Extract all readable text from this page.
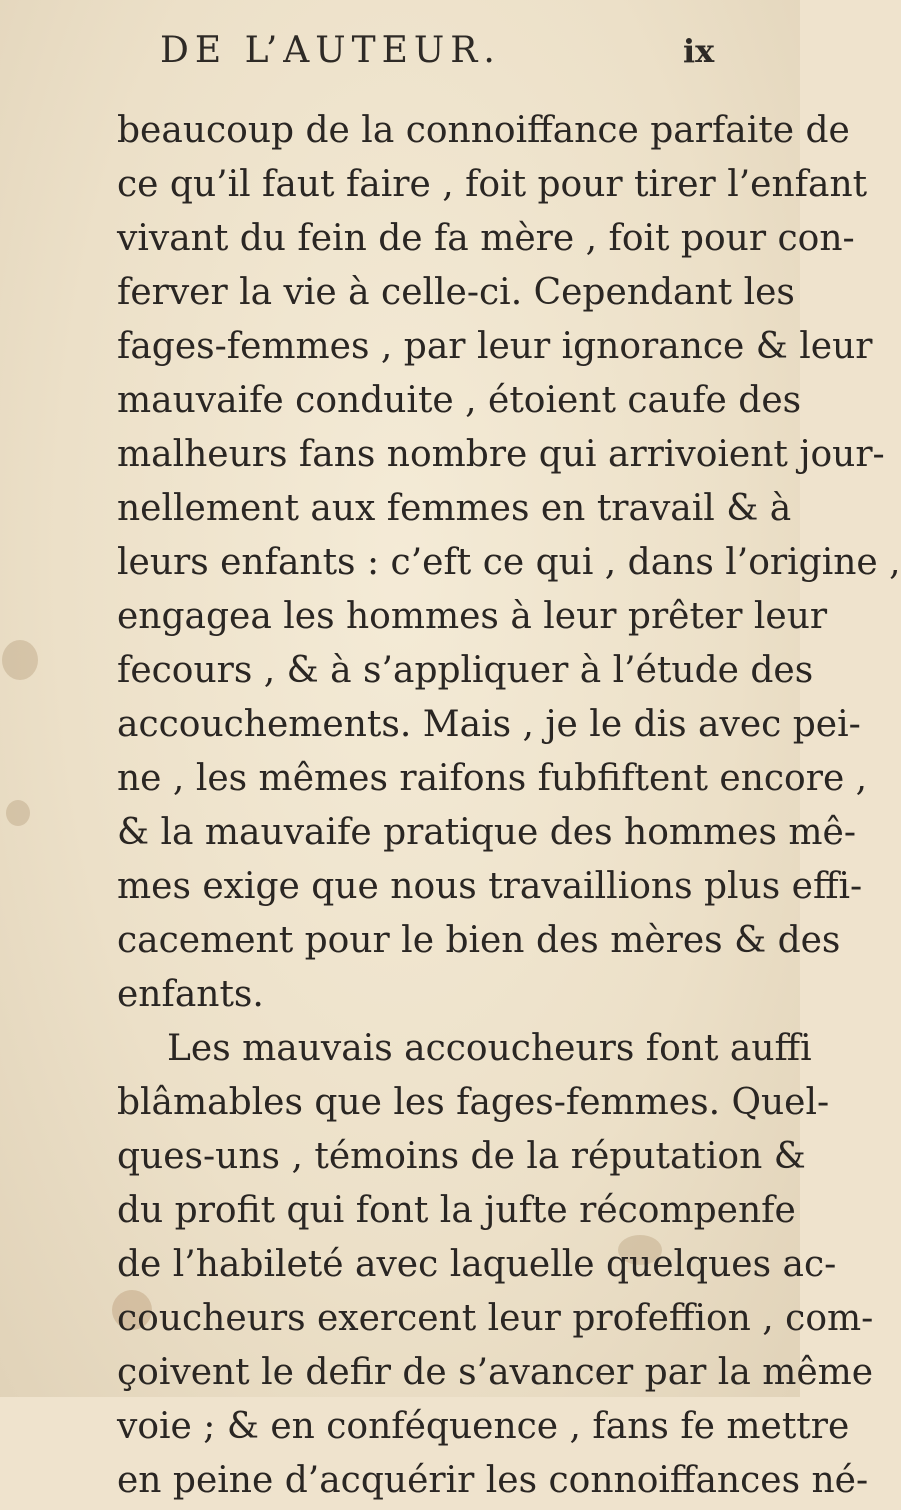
DE L’AUTEUR.	ix
beaucoup de la connoiffance parfaite de
ce qu’il faut faire , foit pour tirer l’enfant
vivant du fein de fa mère , foit pour con-
ferver la vie à celle-ci. Cependant les
fages-femmes , par leur ignorance & leur
mauvaife conduite , étoient caufe des
malheurs fans nombre qui arrivoient jour-
nellement aux femmes en travail & à
leurs enfants : c’eft ce qui , dans l’origine ,
engagea les hommes à leur prêter leur
fecours , & à s’appliquer à l’étude des
accouchements. Mais , je le dis avec pei-
ne , les mêmes raifons fubfiftent encore ,
& la mauvaife pratique des hommes mê-
mes exige que nous travaillions plus effi-
cacement pour le bien des mères & des
enfants.
Les mauvais accoucheurs font auffi
blâmables que les fages-femmes. Quel-
ques-uns , témoins de la réputation &
du profit qui font la jufte récompenfe
de l’habileté avec laquelle quelques ac-
coucheurs exercent leur profeffion , com-
çoivent le defir de s’avancer par la même
voie ; & en conféquence , fans fe mettre
en peine d’acquérir les connoiffances né-
